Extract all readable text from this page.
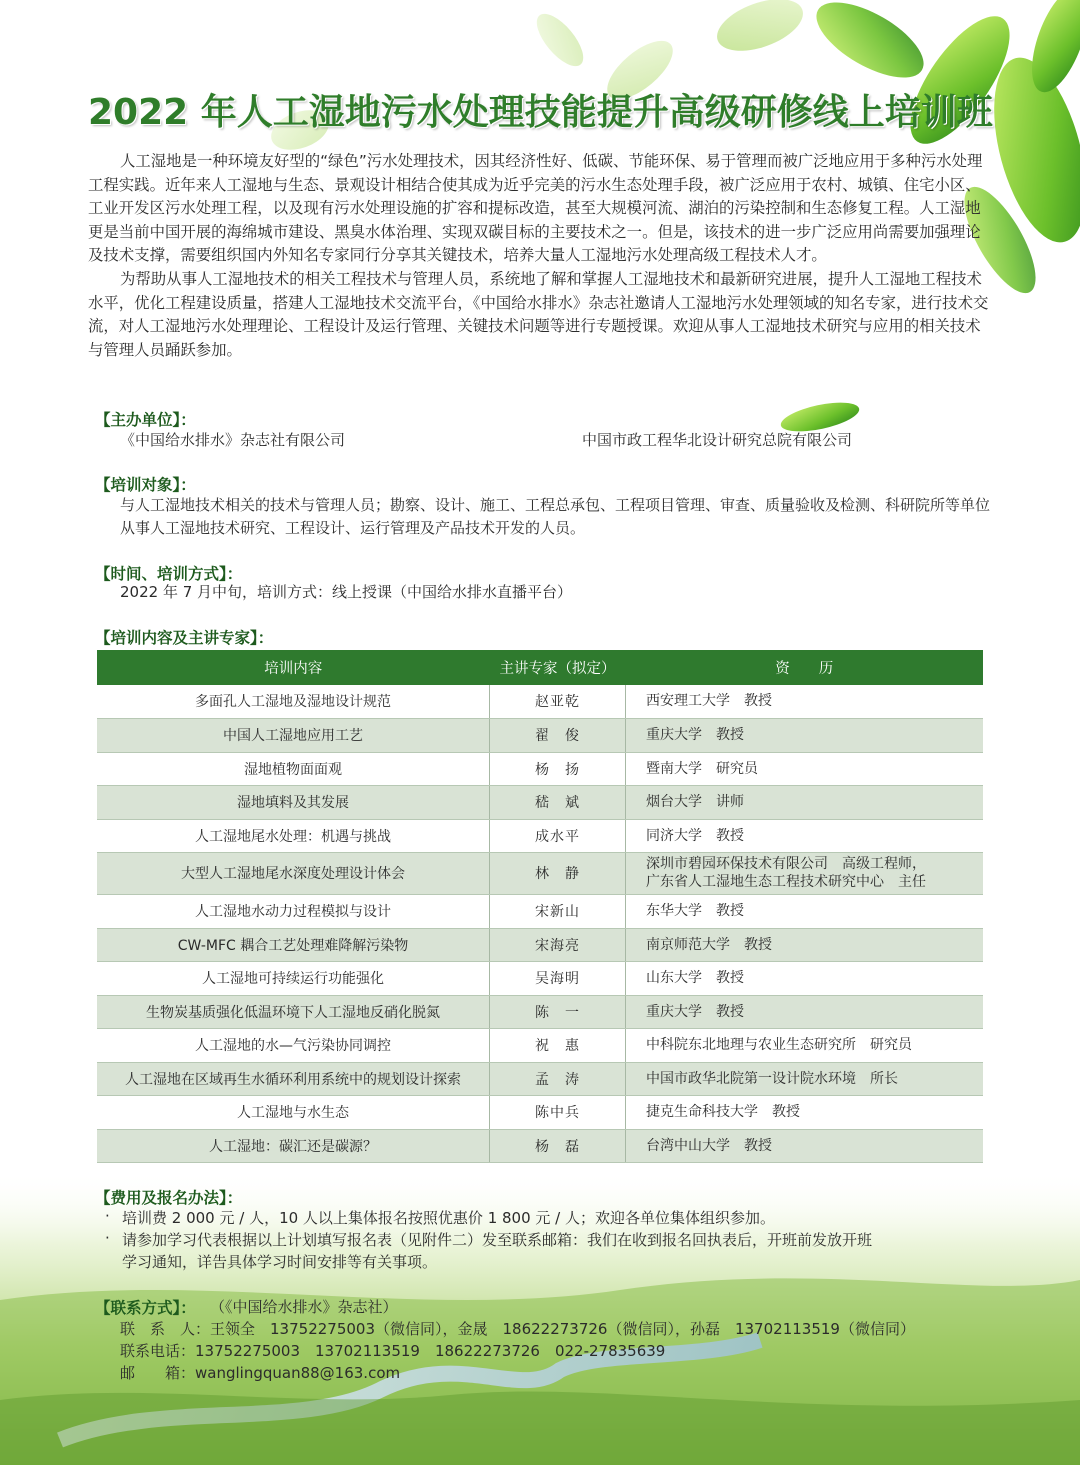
2022 年人工湿地污水处理技能提升高级研修线上培训班

人工湿地是一种环境友好型的“绿色”污水处理技术，因其经济性好、低碳、节能环保、易于管理而被广泛地应用于多种污水处理工程实践。近年来人工湿地与生态、景观设计相结合使其成为近乎完美的污水生态处理手段，被广泛应用于农村、城镇、住宅小区、工业开发区污水处理工程，以及现有污水处理设施的扩容和提标改造，甚至大规模河流、湖泊的污染控制和生态修复工程。人工湿地更是当前中国开展的海绵城市建设、黑臭水体治理、实现双碳目标的主要技术之一。但是，该技术的进一步广泛应用尚需要加强理论及技术支撑，需要组织国内外知名专家同行分享其关键技术，培养大量人工湿地污水处理高级工程技术人才。

为帮助从事人工湿地技术的相关工程技术与管理人员，系统地了解和掌握人工湿地技术和最新研究进展，提升人工湿地工程技术水平，优化工程建设质量，搭建人工湿地技术交流平台，《中国给水排水》杂志社邀请人工湿地污水处理领域的知名专家，进行技术交流，对人工湿地污水处理理论、工程设计及运行管理、关键技术问题等进行专题授课。欢迎从事人工湿地技术研究与应用的相关技术与管理人员踊跃参加。

【主办单位】：
《中国给水排水》杂志社有限公司	中国市政工程华北设计研究总院有限公司
【培训对象】：
与人工湿地技术相关的技术与管理人员；勘察、设计、施工、工程总承包、工程项目管理、审查、质量验收及检测、科研院所等单位从事人工湿地技术研究、工程设计、运行管理及产品技术开发的人员。
【时间、培训方式】：
2022 年 7 月中旬，培训方式：线上授课（中国给水排水直播平台）
【培训内容及主讲专家】：
培训内容	主讲专家（拟定）	资　　历
多面孔人工湿地及湿地设计规范	赵亚乾	西安理工大学　教授
中国人工湿地应用工艺	翟　俊	重庆大学　教授
湿地植物面面观	杨　扬	暨南大学　研究员
湿地填料及其发展	嵇　斌	烟台大学　讲师
人工湿地尾水处理：机遇与挑战	成水平	同济大学　教授
大型人工湿地尾水深度处理设计体会	林　静	深圳市碧园环保技术有限公司　高级工程师，
广东省人工湿地生态工程技术研究中心　主任

人工湿地水动力过程模拟与设计	宋新山	东华大学　教授
CW-MFC 耦合工艺处理难降解污染物	宋海亮	南京师范大学　教授
人工湿地可持续运行功能强化	吴海明	山东大学　教授
生物炭基质强化低温环境下人工湿地反硝化脱氮	陈　一	重庆大学　教授
人工湿地的水—气污染协同调控	祝　惠	中科院东北地理与农业生态研究所　研究员
人工湿地在区域再生水循环利用系统中的规划设计探索	孟　涛	中国市政华北院第一设计院水环境　所长
人工湿地与水生态	陈中兵	捷克生命科技大学　教授
人工湿地：碳汇还是碳源？	杨　磊	台湾中山大学　教授
【费用及报名办法】：
· 培训费 2 000 元 / 人，10 人以上集体报名按照优惠价 1 800 元 / 人；欢迎各单位集体组织参加。
· 请参加学习代表根据以上计划填写报名表（见附件二）发至联系邮箱：我们在收到报名回执表后，开班前发放开班
学习通知，详告具体学习时间安排等有关事项。
【联系方式】： （《中国给水排水》杂志社）
联　系　人：王领全　13752275003（微信同），金晟　18622273726（微信同），孙磊　13702113519（微信同）
联系电话：13752275003　13702113519　18622273726　022-27835639
邮　　箱：wanglingquan88@163.com
